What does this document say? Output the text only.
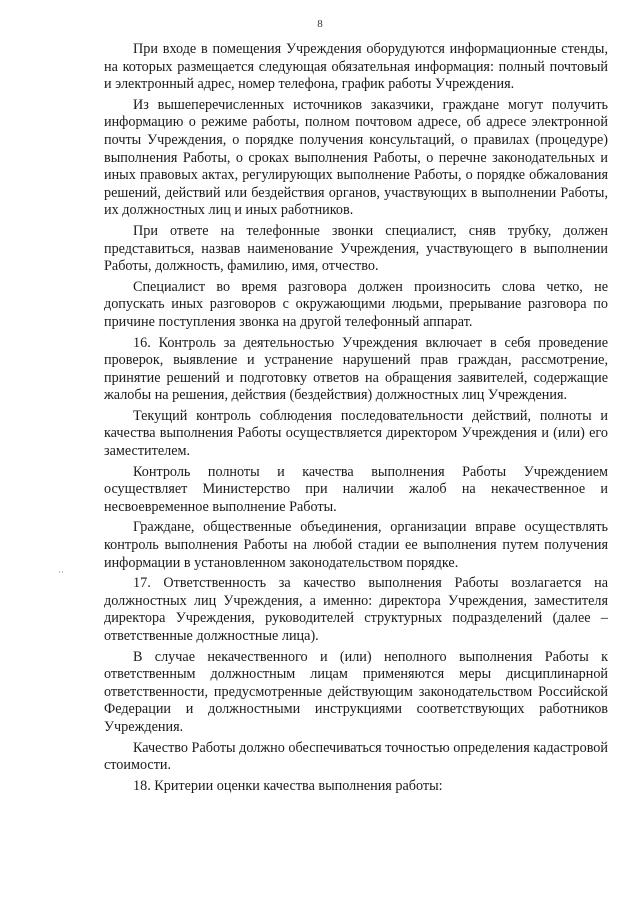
8
··

При входе в помещения Учреждения оборудуются информационные стенды, на которых размещается следующая обязательная информация: полный почтовый и электронный адрес, номер телефона, график работы Учреждения.

Из вышеперечисленных источников заказчики, граждане могут получить информацию о режиме работы, полном почтовом адресе, об адресе электронной почты Учреждения, о порядке получения консультаций, о правилах (процедуре) выполнения Работы, о сроках выполнения Работы, о перечне законодательных и иных правовых актах, регулирующих выполнение Работы, о порядке обжалования решений, действий или бездействия органов, участвующих в выполнении Работы, их должностных лиц и иных работников.

При ответе на телефонные звонки специалист, сняв трубку, должен представиться, назвав наименование Учреждения, участвующего в выполнении Работы, должность, фамилию, имя, отчество.

Специалист во время разговора должен произносить слова четко, не допускать иных разговоров с окружающими людьми, прерывание разговора по причине поступления звонка на другой телефонный аппарат.

16. Контроль за деятельностью Учреждения включает в себя проведение проверок, выявление и устранение нарушений прав граждан, рассмотрение, принятие решений и подготовку ответов на обращения заявителей, содержащие жалобы на решения, действия (бездействия) должностных лиц Учреждения.

Текущий контроль соблюдения последовательности действий, полноты и качества выполнения Работы осуществляется директором Учреждения и (или) его заместителем.

Контроль полноты и качества выполнения Работы Учреждением осуществляет Министерство при наличии жалоб на некачественное и несвоевременное выполнение Работы.

Граждане, общественные объединения, организации вправе осуществлять контроль выполнения Работы на любой стадии ее выполнения путем получения информации в установленном законодательством порядке.

17. Ответственность за качество выполнения Работы возлагается на должностных лиц Учреждения, а именно: директора Учреждения, заместителя директора Учреждения, руководителей структурных подразделений (далее – ответственные должностные лица).

В случае некачественного и (или) неполного выполнения Работы к ответственным должностным лицам применяются меры дисциплинарной ответственности, предусмотренные действующим законодательством Российской Федерации и должностными инструкциями соответствующих работников Учреждения.

Качество Работы должно обеспечиваться точностью определения кадастровой стоимости.

18. Критерии оценки качества выполнения работы:
